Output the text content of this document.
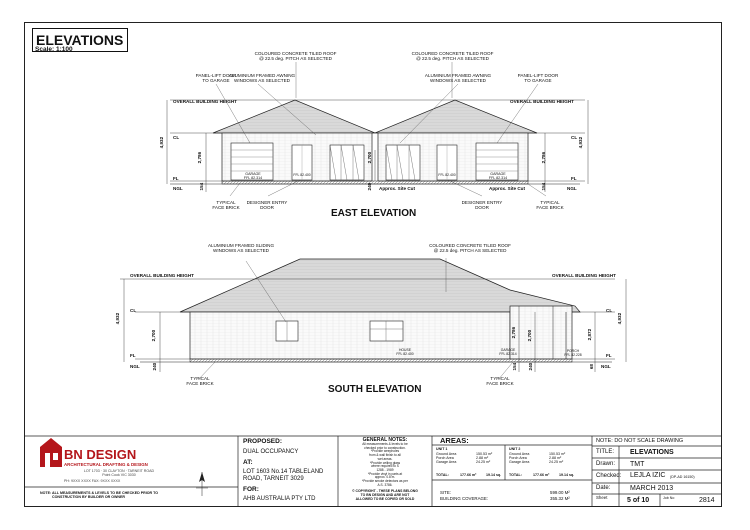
ELEVATIONS
Scale: 1:100
COLOURED CONCRETE TILED ROOF
@ 22.5 deg. PITCH AS SELECTED
COLOURED CONCRETE TILED ROOF
@ 22.5 deg. PITCH AS SELECTED
ALUMINIUM FRAMED AWNING
WINDOWS AS SELECTED
ALUMINIUM FRAMED AWNING
WINDOWS AS SELECTED
PANEL-LIFT DOOR
TO GARAGE
PANEL-LIFT DOOR
TO GARAGE
OVERALL BUILDING HEIGHT	OVERALL BUILDING HEIGHT
CL	CL
FL	FL
NGL	NGL
4,932
2,786
154
4,932
2,786
154
2,700
240
GARAGE
FFL 82.314
GARAGE
FFL 82.314
FFL 82.400	FFL 82.400
Approx. Site Cut	Approx. Site Cut
TYPICAL
FACE BRICK
TYPICAL
FACE BRICK
DESIGNER ENTRY
DOOR
DESIGNER ENTRY
DOOR
EAST ELEVATION
ALUMINIUM FRAMED SLIDING
WINDOWS AS SELECTED
COLOURED CONCRETE TILED ROOF
@ 22.5 deg. PITCH AS SELECTED
OVERALL BUILDING HEIGHT	OVERALL BUILDING HEIGHT
CL	CL
FL	FL
NGL	NGL
4,932
2,700
240
4,932
2,786 2,700	2,872
154 240	68
HOUSE
FFL 82.400
GARAGE
FFL 82.314
PORCH
FFL 82.228
TYPICAL
FACE BRICK
TYPICAL
FACE BRICK
SOUTH ELEVATION
BN DESIGN
ARCHITECTURAL DRAFTING & DESIGN
LOT 1703 · 30 CLAYTON · TARNEIT ROAD
Point Cook VIC 3030
PH: 9XXX XXXX FAX: 9XXX XXXX
NOTE: ALL MEASUREMENTS & LEVELS TO BE CHECKED PRIOR TO
CONSTRUCTION BY BUILDER OR OWNER
PROPOSED:
DUAL OCCUPANCY
AT:
LOT 1603 No.14 TABLELAND
ROAD, TARNEIT 3029
FOR:
AHB AUSTRALIA PTY LTD
GENERAL NOTES:
All measurements & levels to be
checked prior to construction.
*Provide weepholes
from & wall finish to all
wet areas.
*Provide ceiling glass
where required to S
1288 - 1989
*Provide vinyl in parts at
approx. 0.8 m.
*Provide smoke detectors as per
A.S. 3786.
© COPYRIGHT - THESE PLANS BELONG
TO BN DESIGN AND ARE NOT
ALLOWED TO BE COPIED OR SOLD
AREAS:
UNIT 1
Ground Area	150.53 m²
Porch Area	2.88 m²
Garage Area	24.25 m²
TOTAL:	177.66 m²	19.14 sq.
UNIT 2
Ground Area	150.53 m²
Porch Area	2.88 m²
Garage Area	24.25 m²
TOTAL:	177.66 m²	19.14 sq.
SITE:	599.00 M²
BUILDING COVERAGE:	355.32 M²
NOTE: DO NOT SCALE DRAWING
TITLE: ELEVATIONS
Drawn: TMT
Checked: LEJLA IZIC (DP-AD 16150)
Date:	MARCH 2013
Sheet	5 of 10	Job No	2814
